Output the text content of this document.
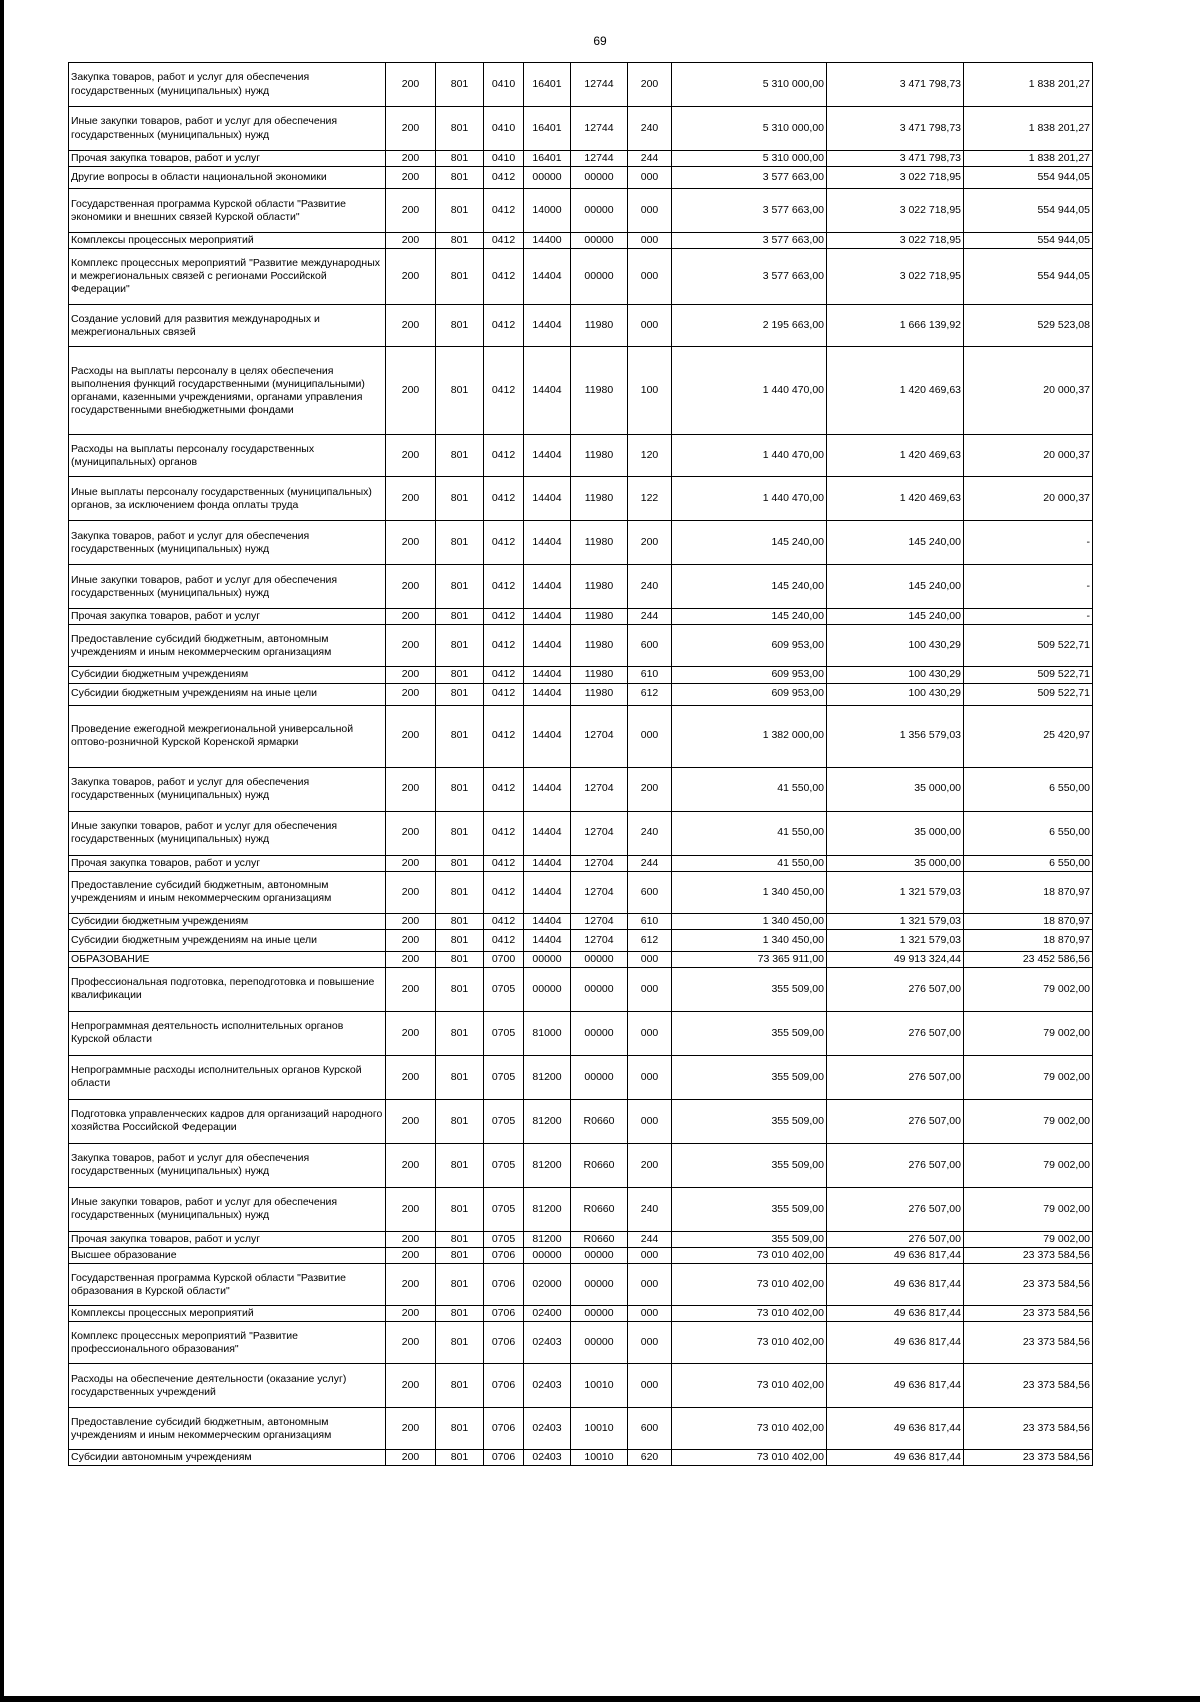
69
Закупка товаров, работ и услуг для обеспечения государственных (муниципальных) нужд	200	801	0410	16401	12744	200	5 310 000,00	3 471 798,73	1 838 201,27
Иные закупки товаров, работ и услуг для обеспечения государственных (муниципальных) нужд	200	801	0410	16401	12744	240	5 310 000,00	3 471 798,73	1 838 201,27
Прочая закупка товаров, работ и услуг	200	801	0410	16401	12744	244	5 310 000,00	3 471 798,73	1 838 201,27
Другие вопросы в области национальной экономики	200	801	0412	00000	00000	000	3 577 663,00	3 022 718,95	554 944,05
Государственная программа Курской области "Развитие экономики и внешних связей Курской области"	200	801	0412	14000	00000	000	3 577 663,00	3 022 718,95	554 944,05
Комплексы процессных мероприятий	200	801	0412	14400	00000	000	3 577 663,00	3 022 718,95	554 944,05
Комплекс процессных мероприятий "Развитие международных и межрегиональных связей с регионами Российской Федерации"	200	801	0412	14404	00000	000	3 577 663,00	3 022 718,95	554 944,05
Создание условий для развития международных и межрегиональных связей	200	801	0412	14404	11980	000	2 195 663,00	1 666 139,92	529 523,08
Расходы на выплаты персоналу в целях обеспечения выполнения функций государственными (муниципальными) органами, казенными учреждениями, органами управления государственными внебюджетными фондами	200	801	0412	14404	11980	100	1 440 470,00	1 420 469,63	20 000,37
Расходы на выплаты персоналу государственных (муниципальных) органов	200	801	0412	14404	11980	120	1 440 470,00	1 420 469,63	20 000,37
Иные выплаты персоналу государственных (муниципальных) органов, за исключением фонда оплаты труда	200	801	0412	14404	11980	122	1 440 470,00	1 420 469,63	20 000,37
Закупка товаров, работ и услуг для обеспечения государственных (муниципальных) нужд	200	801	0412	14404	11980	200	145 240,00	145 240,00	-
Иные закупки товаров, работ и услуг для обеспечения государственных (муниципальных) нужд	200	801	0412	14404	11980	240	145 240,00	145 240,00	-
Прочая закупка товаров, работ и услуг	200	801	0412	14404	11980	244	145 240,00	145 240,00	-
Предоставление субсидий бюджетным, автономным учреждениям и иным некоммерческим организациям	200	801	0412	14404	11980	600	609 953,00	100 430,29	509 522,71
Субсидии бюджетным учреждениям	200	801	0412	14404	11980	610	609 953,00	100 430,29	509 522,71
Субсидии бюджетным учреждениям на иные цели	200	801	0412	14404	11980	612	609 953,00	100 430,29	509 522,71
Проведение ежегодной межрегиональной универсальной оптово-розничной Курской Коренской ярмарки	200	801	0412	14404	12704	000	1 382 000,00	1 356 579,03	25 420,97
Закупка товаров, работ и услуг для обеспечения государственных (муниципальных) нужд	200	801	0412	14404	12704	200	41 550,00	35 000,00	6 550,00
Иные закупки товаров, работ и услуг для обеспечения государственных (муниципальных) нужд	200	801	0412	14404	12704	240	41 550,00	35 000,00	6 550,00
Прочая закупка товаров, работ и услуг	200	801	0412	14404	12704	244	41 550,00	35 000,00	6 550,00
Предоставление субсидий бюджетным, автономным учреждениям и иным некоммерческим организациям	200	801	0412	14404	12704	600	1 340 450,00	1 321 579,03	18 870,97
Субсидии бюджетным учреждениям	200	801	0412	14404	12704	610	1 340 450,00	1 321 579,03	18 870,97
Субсидии бюджетным учреждениям на иные цели	200	801	0412	14404	12704	612	1 340 450,00	1 321 579,03	18 870,97
ОБРАЗОВАНИЕ	200	801	0700	00000	00000	000	73 365 911,00	49 913 324,44	23 452 586,56
Профессиональная подготовка, переподготовка и повышение квалификации	200	801	0705	00000	00000	000	355 509,00	276 507,00	79 002,00
Непрограммная деятельность исполнительных органов Курской области	200	801	0705	81000	00000	000	355 509,00	276 507,00	79 002,00
Непрограммные расходы исполнительных органов Курской области	200	801	0705	81200	00000	000	355 509,00	276 507,00	79 002,00
Подготовка управленческих кадров для организаций народного хозяйства Российской Федерации	200	801	0705	81200	R0660	000	355 509,00	276 507,00	79 002,00
Закупка товаров, работ и услуг для обеспечения государственных (муниципальных) нужд	200	801	0705	81200	R0660	200	355 509,00	276 507,00	79 002,00
Иные закупки товаров, работ и услуг для обеспечения государственных (муниципальных) нужд	200	801	0705	81200	R0660	240	355 509,00	276 507,00	79 002,00
Прочая закупка товаров, работ и услуг	200	801	0705	81200	R0660	244	355 509,00	276 507,00	79 002,00
Высшее образование	200	801	0706	00000	00000	000	73 010 402,00	49 636 817,44	23 373 584,56
Государственная программа Курской области "Развитие образования в Курской области"	200	801	0706	02000	00000	000	73 010 402,00	49 636 817,44	23 373 584,56
Комплексы процессных мероприятий	200	801	0706	02400	00000	000	73 010 402,00	49 636 817,44	23 373 584,56
Комплекс процессных мероприятий "Развитие профессионального образования"	200	801	0706	02403	00000	000	73 010 402,00	49 636 817,44	23 373 584,56
Расходы на обеспечение деятельности (оказание услуг) государственных учреждений	200	801	0706	02403	10010	000	73 010 402,00	49 636 817,44	23 373 584,56
Предоставление субсидий бюджетным, автономным учреждениям и иным некоммерческим организациям	200	801	0706	02403	10010	600	73 010 402,00	49 636 817,44	23 373 584,56
Субсидии автономным учреждениям	200	801	0706	02403	10010	620	73 010 402,00	49 636 817,44	23 373 584,56
